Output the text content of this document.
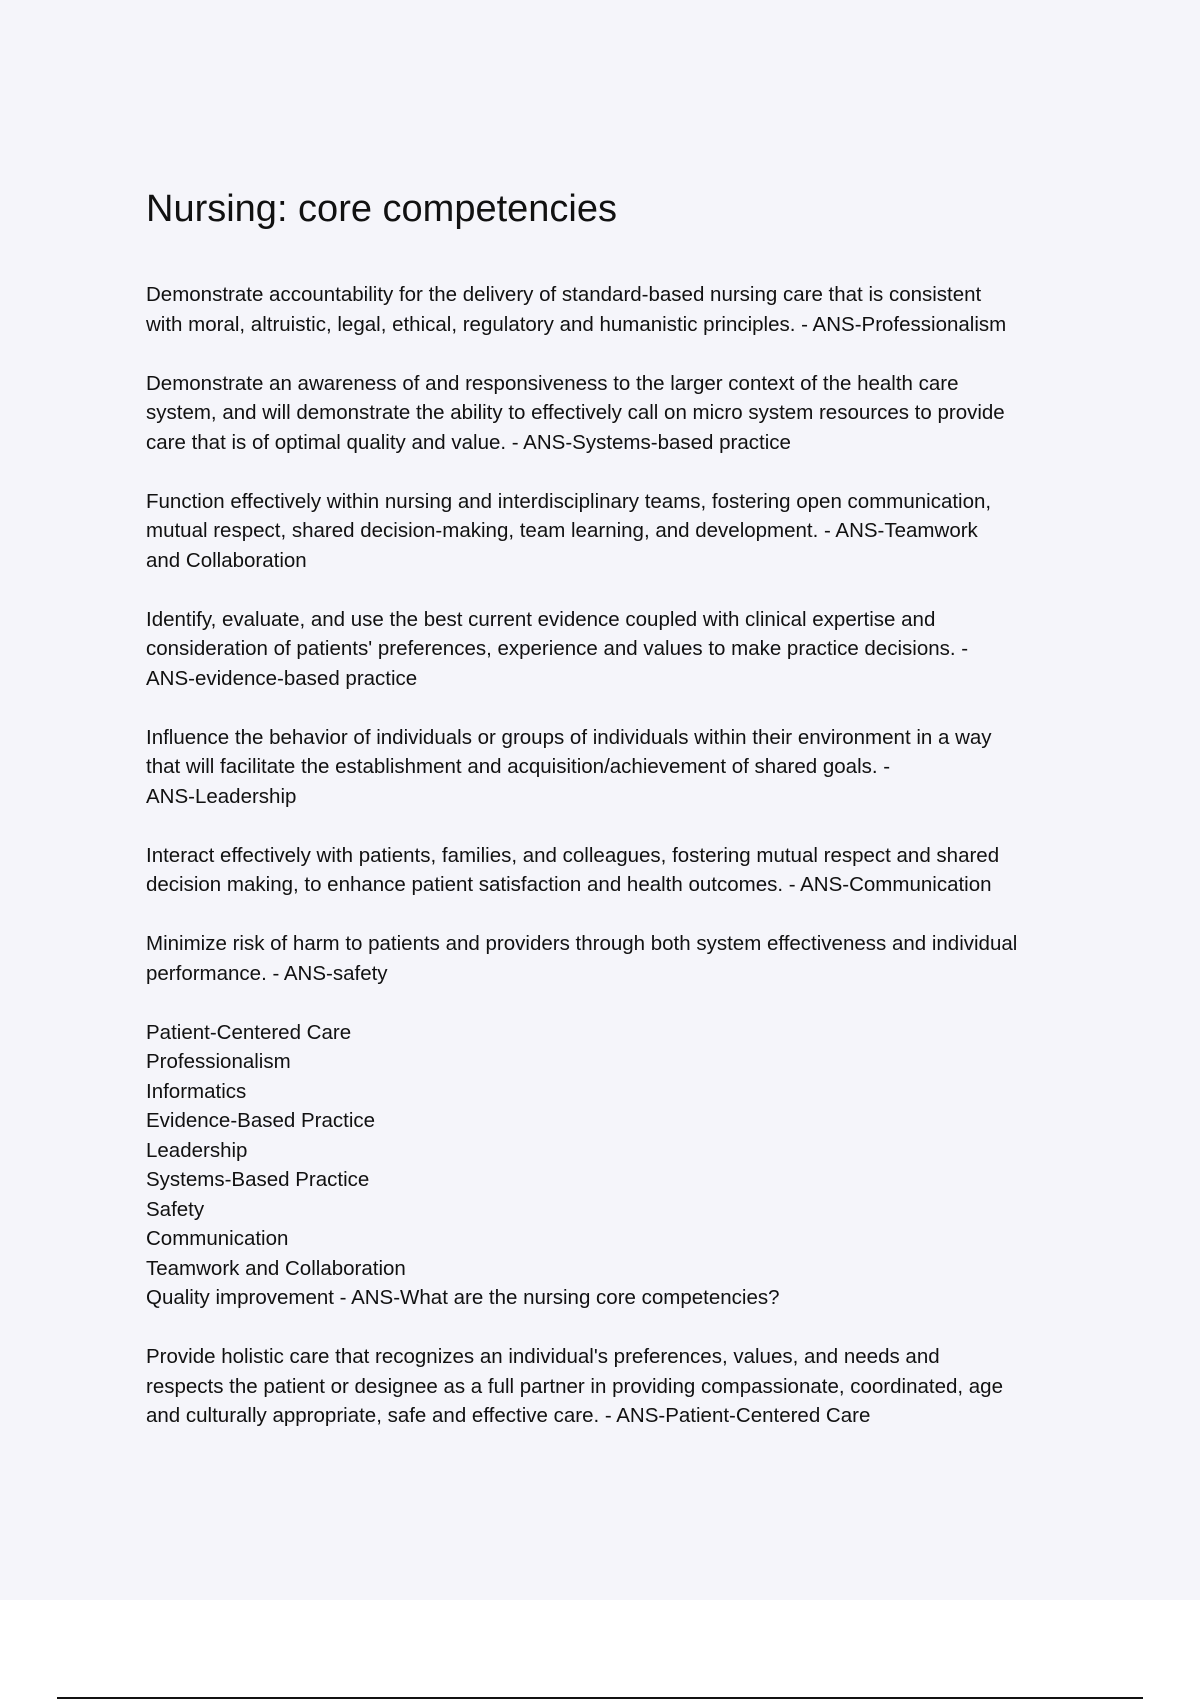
Nursing: core competencies

Demonstrate accountability for the delivery of standard-based nursing care that is consistent
with moral, altruistic, legal, ethical, regulatory and humanistic principles. - ANS-Professionalism

Demonstrate an awareness of and responsiveness to the larger context of the health care
system, and will demonstrate the ability to effectively call on micro system resources to provide
care that is of optimal quality and value. - ANS-Systems-based practice

Function effectively within nursing and interdisciplinary teams, fostering open communication,
mutual respect, shared decision-making, team learning, and development. - ANS-Teamwork
and Collaboration

Identify, evaluate, and use the best current evidence coupled with clinical expertise and
consideration of patients' preferences, experience and values to make practice decisions. -
ANS-evidence-based practice

Influence the behavior of individuals or groups of individuals within their environment in a way
that will facilitate the establishment and acquisition/achievement of shared goals. -
ANS-Leadership

Interact effectively with patients, families, and colleagues, fostering mutual respect and shared
decision making, to enhance patient satisfaction and health outcomes. - ANS-Communication

Minimize risk of harm to patients and providers through both system effectiveness and individual
performance. - ANS-safety

Patient-Centered Care
Professionalism
Informatics
Evidence-Based Practice
Leadership
Systems-Based Practice
Safety
Communication
Teamwork and Collaboration
Quality improvement - ANS-What are the nursing core competencies?

Provide holistic care that recognizes an individual's preferences, values, and needs and
respects the patient or designee as a full partner in providing compassionate, coordinated, age
and culturally appropriate, safe and effective care. - ANS-Patient-Centered Care
